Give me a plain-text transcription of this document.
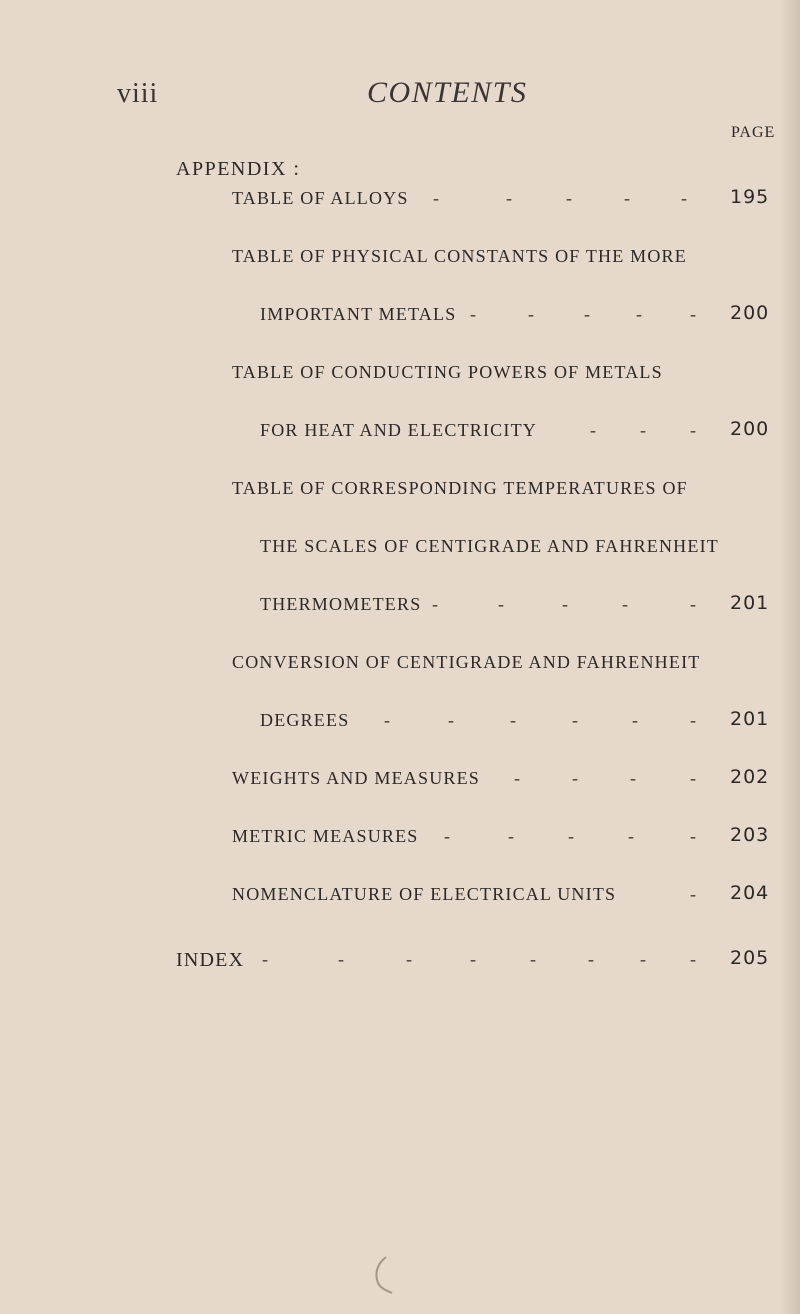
viii	CONTENTS
PAGE
APPENDIX :
TABLE OF ALLOYS -	-	-	-	- 195
TABLE OF PHYSICAL CONSTANTS OF THE MORE
IMPORTANT METALS -	-	- -	- 200
TABLE OF CONDUCTING POWERS OF METALS
FOR HEAT AND ELECTRICITY	- - - 200
TABLE OF CORRESPONDING TEMPERATURES OF
THE SCALES OF CENTIGRADE AND FAHRENHEIT
THERMOMETERS -	-	-	-	- 201
CONVERSION OF CENTIGRADE AND FAHRENHEIT
DEGREES -	-	-	-	-	- 201
WEIGHTS AND MEASURES -	-	-	- 202
METRIC MEASURES -	-	-	-	- 203
NOMENCLATURE OF ELECTRICAL UNITS	- 204
INDEX -	-	-	-	-	- - - 205
